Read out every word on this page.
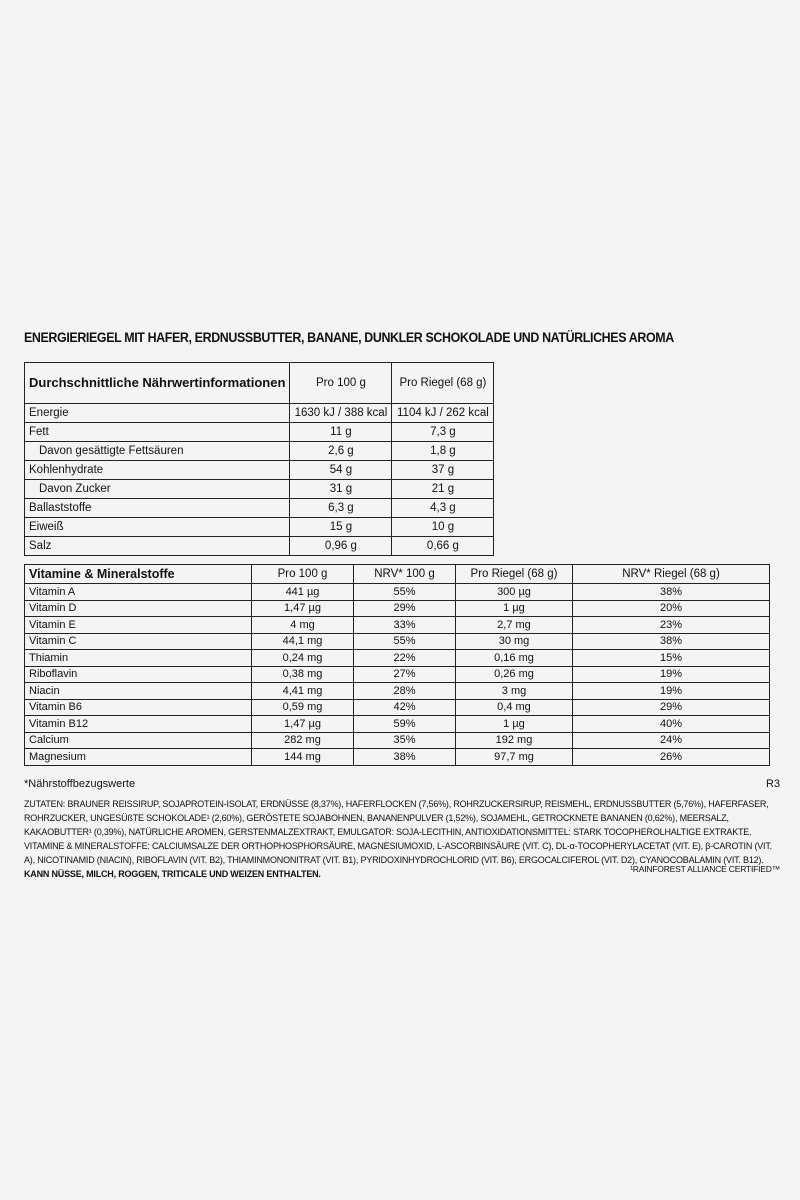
ENERGIERIEGEL MIT HAFER, ERDNUSSBUTTER, BANANE, DUNKLER SCHOKOLADE UND NATÜRLICHES AROMA
Durchschnittliche Nährwertinformationen	Pro 100 g	Pro Riegel (68 g)
Energie	1630 kJ / 388 kcal	1104 kJ / 262 kcal
Fett	11 g	7,3 g
Davon gesättigte Fettsäuren	2,6 g	1,8 g
Kohlenhydrate	54 g	37 g
Davon Zucker	31 g	21 g
Ballaststoffe	6,3 g	4,3 g
Eiweiß	15 g	10 g
Salz	0,96 g	0,66 g
Vitamine & Mineralstoffe	Pro 100 g	NRV* 100 g	Pro Riegel (68 g)	NRV* Riegel (68 g)
Vitamin A	441 µg	55%	300 µg	38%
Vitamin D	1,47 µg	29%	1 µg	20%
Vitamin E	4 mg	33%	2,7 mg	23%
Vitamin C	44,1 mg	55%	30 mg	38%
Thiamin	0,24 mg	22%	0,16 mg	15%
Riboflavin	0,38 mg	27%	0,26 mg	19%
Niacin	4,41 mg	28%	3 mg	19%
Vitamin B6	0,59 mg	42%	0,4 mg	29%
Vitamin B12	1,47 µg	59%	1 µg	40%
Calcium	282 mg	35%	192 mg	24%
Magnesium	144 mg	38%	97,7 mg	26%
*Nährstoffbezugswerte	R3

ZUTATEN: BRAUNER REISSIRUP, SOJAPROTEIN-ISOLAT, ERDNÜSSE (8,37%), HAFERFLOCKEN (7,56%), ROHRZUCKERSIRUP, REISMEHL, ERDNUSSBUTTER (5,76%), HAFERFASER, ROHRZUCKER, UNGESÜßTE SCHOKOLADE¹ (2,60%), GERÖSTETE SOJABOHNEN, BANANENPULVER (1,52%), SOJAMEHL, GETROCKNETE BANANEN (0,62%), MEERSALZ, KAKAOBUTTER¹ (0,39%), NATÜRLICHE AROMEN, GERSTENMALZEXTRAKT, EMULGATOR: SOJA-LECITHIN, ANTIOXIDATIONSMITTEL: STARK TOCOPHEROLHALTIGE EXTRAKTE. VITAMINE & MINERALSTOFFE: CALCIUMSALZE DER ORTHOPHOSPHORSÄURE, MAGNESIUMOXID, L-ASCORBINSÄURE (VIT. C), DL-α-TOCOPHERYLACETAT (VIT. E), β-CAROTIN (VIT. A), NICOTINAMID (NIACIN), RIBOFLAVIN (VIT. B2), THIAMINMONONITRAT (VIT. B1), PYRIDOXINHYDROCHLORID (VIT. B6), ERGOCALCIFEROL (VIT. D2), CYANOCOBALAMIN (VIT. B12).

KANN NÜSSE, MILCH, ROGGEN, TRITICALE UND WEIZEN ENTHALTEN.	¹RAINFOREST ALLIANCE CERTIFIED™
